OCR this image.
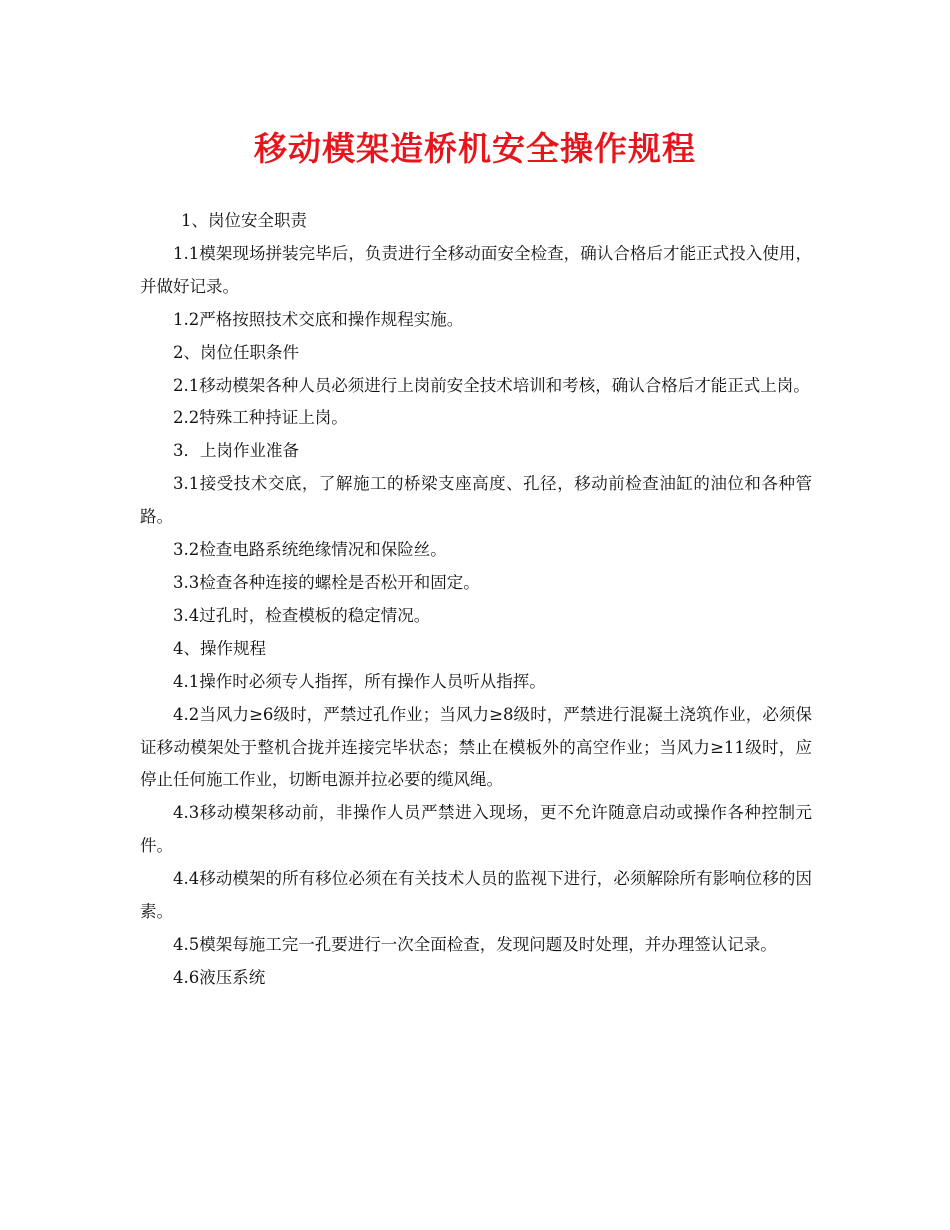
移动模架造桥机安全操作规程

1、岗位安全职责

1.1模架现场拼装完毕后，负责进行全移动面安全检查，确认合格后才能正式投入使用，并做好记录。

1.2严格按照技术交底和操作规程实施。

2、岗位任职条件

2.1移动模架各种人员必须进行上岗前安全技术培训和考核，确认合格后才能正式上岗。

2.2特殊工种持证上岗。

3．上岗作业准备

3.1接受技术交底，了解施工的桥梁支座高度、孔径，移动前检查油缸的油位和各种管路。

3.2检查电路系统绝缘情况和保险丝。

3.3检查各种连接的螺栓是否松开和固定。

3.4过孔时，检查模板的稳定情况。

4、操作规程

4.1操作时必须专人指挥，所有操作人员听从指挥。

4.2当风力≥6级时，严禁过孔作业；当风力≥8级时，严禁进行混凝土浇筑作业，必须保证移动模架处于整机合拢并连接完毕状态；禁止在模板外的高空作业；当风力≥11级时，应停止任何施工作业，切断电源并拉必要的缆风绳。

4.3移动模架移动前，非操作人员严禁进入现场，更不允许随意启动或操作各种控制元件。

4.4移动模架的所有移位必须在有关技术人员的监视下进行，必须解除所有影响位移的因素。

4.5模架每施工完一孔要进行一次全面检查，发现问题及时处理，并办理签认记录。

4.6液压系统
